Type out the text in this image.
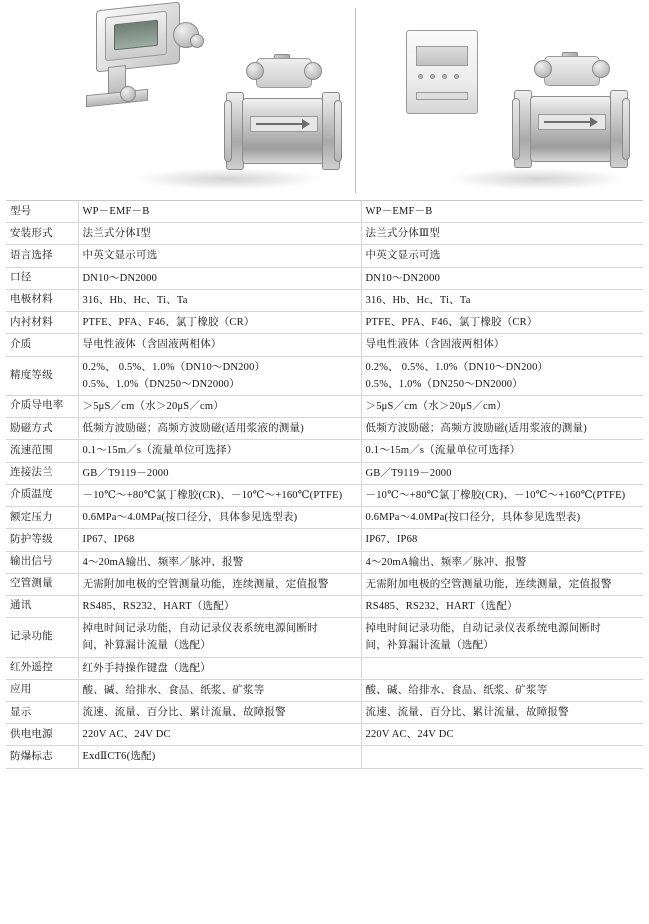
型号	WP－EMF－B	WP－EMF－B

安装形式	法兰式分体Ⅰ型	法兰式分体Ⅲ型

语言选择	中英文显示可选	中英文显示可选

口径	DN10～DN2000	DN10～DN2000

电极材料	316、Hb、Hc、Ti、Ta	316、Hb、Hc、Ti、Ta

内衬材料	PTFE、PFA、F46、氯丁橡胶（CR）	PTFE、PFA、F46、氯丁橡胶（CR）

介质	导电性液体（含固液两相体）	导电性液体（含固液两相体）

精度等级	0.2%、 0.5%、1.0%（DN10～DN200）
0.5%、1.0%（DN250～DN2000）	0.2%、 0.5%、1.0%（DN10～DN200）
0.5%、1.0%（DN250～DN2000）

介质导电率	＞5μS／cm（水＞20μS／cm）	＞5μS／cm（水＞20μS／cm）

励磁方式	低频方波励磁；高频方波励磁(适用浆液的测量)	低频方波励磁；高频方波励磁(适用浆液的测量)

流速范围	0.1～15m／s（流量单位可选择）	0.1～15m／s（流量单位可选择）

连接法兰	GB／T9119－2000	GB／T9119－2000

介质温度	－10℃～+80℃氯丁橡胶(CR)、－10℃～+160℃(PTFE)	－10℃～+80℃氯丁橡胶(CR)、－10℃～+160℃(PTFE)

额定压力	0.6MPa～4.0MPa(按口径分，具体参见选型表)	0.6MPa～4.0MPa(按口径分，具体参见选型表)

防护等级	IP67、IP68	IP67、IP68

输出信号	4～20mA输出、频率／脉冲、报警	4～20mA输出、频率／脉冲、报警

空管测量	无需附加电极的空管测量功能，连续测量，定值报警	无需附加电极的空管测量功能，连续测量，定值报警

通讯	RS485、RS232、HART（选配）	RS485、RS232、HART（选配）

记录功能	掉电时间记录功能，自动记录仪表系统电源间断时
间，补算漏计流量（选配）	掉电时间记录功能，自动记录仪表系统电源间断时
间，补算漏计流量（选配）

红外遥控	红外手持操作键盘（选配）	

应用	酸、碱、给排水、食品、纸浆、矿浆等	酸、碱、给排水、食品、纸浆、矿浆等

显示	流速、流量、百分比、累计流量、故障报警	流速、流量、百分比、累计流量、故障报警

供电电源	220V AC、24V DC	220V AC、24V DC

防爆标志	ExdⅡCT6(选配)	
